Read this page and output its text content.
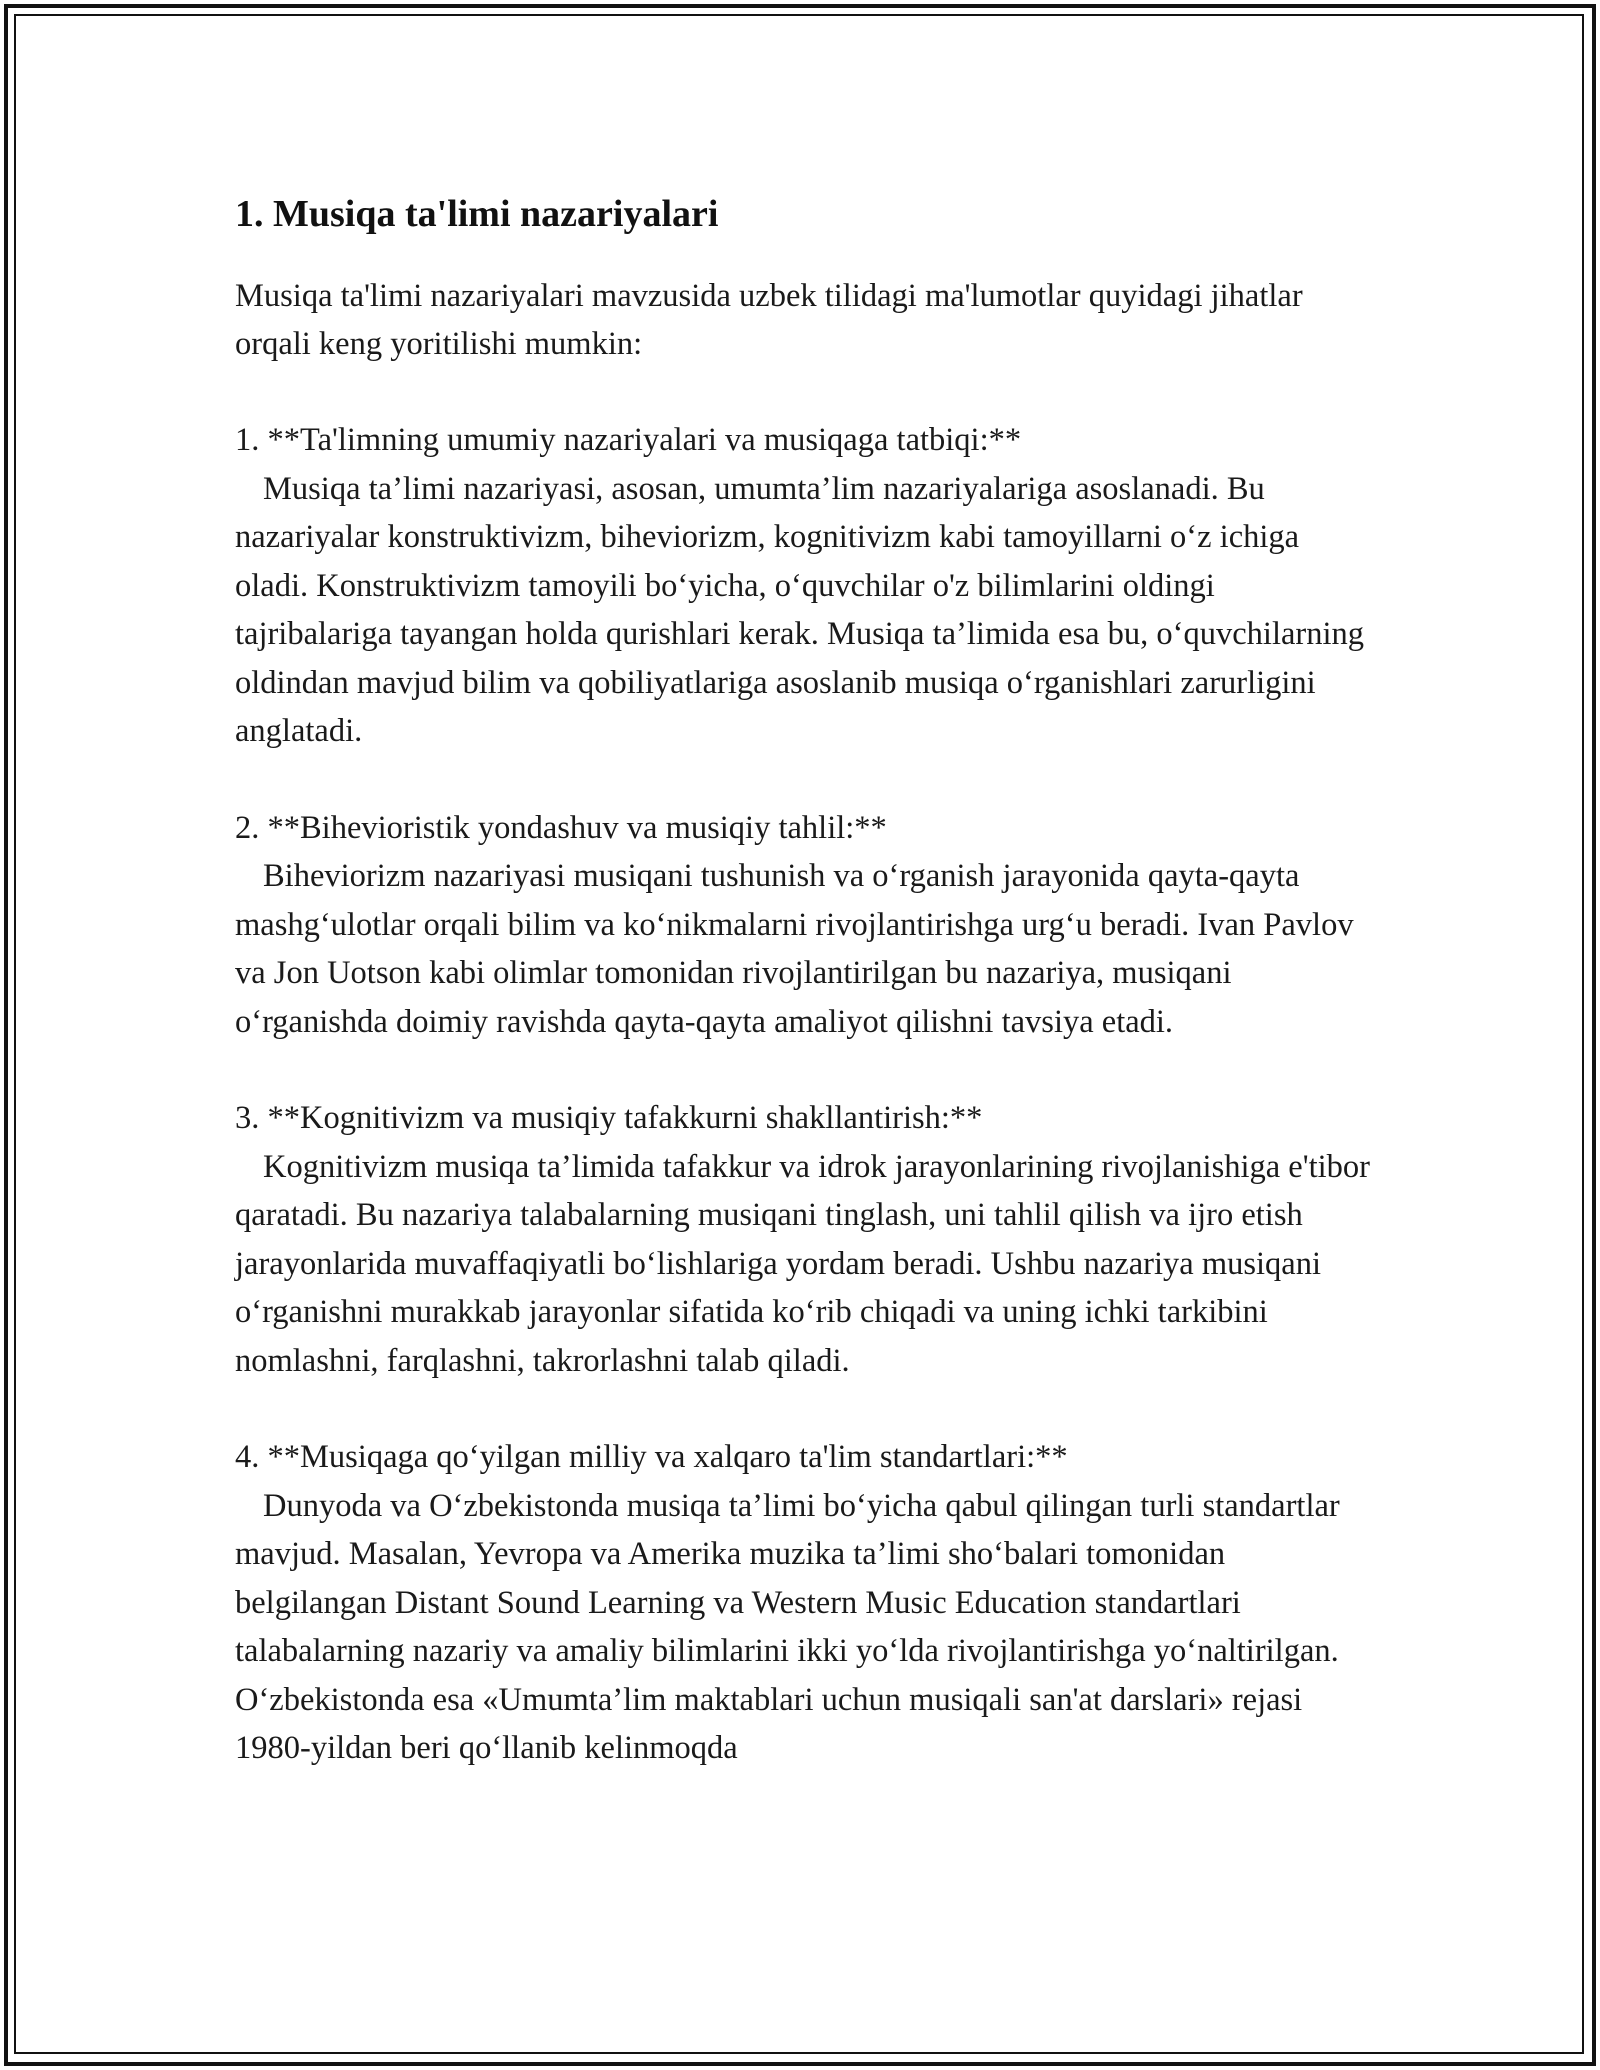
1. Musiqa ta'limi nazariyalari

Musiqa ta'limi nazariyalari mavzusida uzbek tilidagi ma'lumotlar quyidagi jihatlar orqali keng yoritilishi mumkin:

1. **Ta'limning umumiy nazariyalari va musiqaga tatbiqi:**
Musiqa ta’limi nazariyasi, asosan, umumta’lim nazariyalariga asoslanadi. Bu nazariyalar konstruktivizm, biheviorizm, kognitivizm kabi tamoyillarni o‘z ichiga oladi. Konstruktivizm tamoyili bo‘yicha, o‘quvchilar o'z bilimlarini oldingi tajribalariga tayangan holda qurishlari kerak. Musiqa ta’limida esa bu, o‘quvchilarning oldindan mavjud bilim va qobiliyatlariga asoslanib musiqa o‘rganishlari zarurligini anglatadi.
2. **Bihevioristik yondashuv va musiqiy tahlil:**
Biheviorizm nazariyasi musiqani tushunish va o‘rganish jarayonida qayta-qayta mashg‘ulotlar orqali bilim va ko‘nikmalarni rivojlantirishga urg‘u beradi. Ivan Pavlov va Jon Uotson kabi olimlar tomonidan rivojlantirilgan bu nazariya, musiqani o‘rganishda doimiy ravishda qayta-qayta amaliyot qilishni tavsiya etadi.
3. **Kognitivizm va musiqiy tafakkurni shakllantirish:**
Kognitivizm musiqa ta’limida tafakkur va idrok jarayonlarining rivojlanishiga e'tibor qaratadi. Bu nazariya talabalarning musiqani tinglash, uni tahlil qilish va ijro etish jarayonlarida muvaffaqiyatli bo‘lishlariga yordam beradi. Ushbu nazariya musiqani o‘rganishni murakkab jarayonlar sifatida ko‘rib chiqadi va uning ichki tarkibini nomlashni, farqlashni, takrorlashni talab qiladi.
4. **Musiqaga qo‘yilgan milliy va xalqaro ta'lim standartlari:**
Dunyoda va O‘zbekistonda musiqa ta’limi bo‘yicha qabul qilingan turli standartlar mavjud. Masalan, Yevropa va Amerika muzika ta’limi sho‘balari tomonidan belgilangan Distant Sound Learning va Western Music Education standartlari talabalarning nazariy va amaliy bilimlarini ikki yo‘lda rivojlantirishga yo‘naltirilgan. O‘zbekistonda esa «Umumta’lim maktablari uchun musiqali san'at darslari» rejasi 1980-yildan beri qo‘llanib kelinmoqda
